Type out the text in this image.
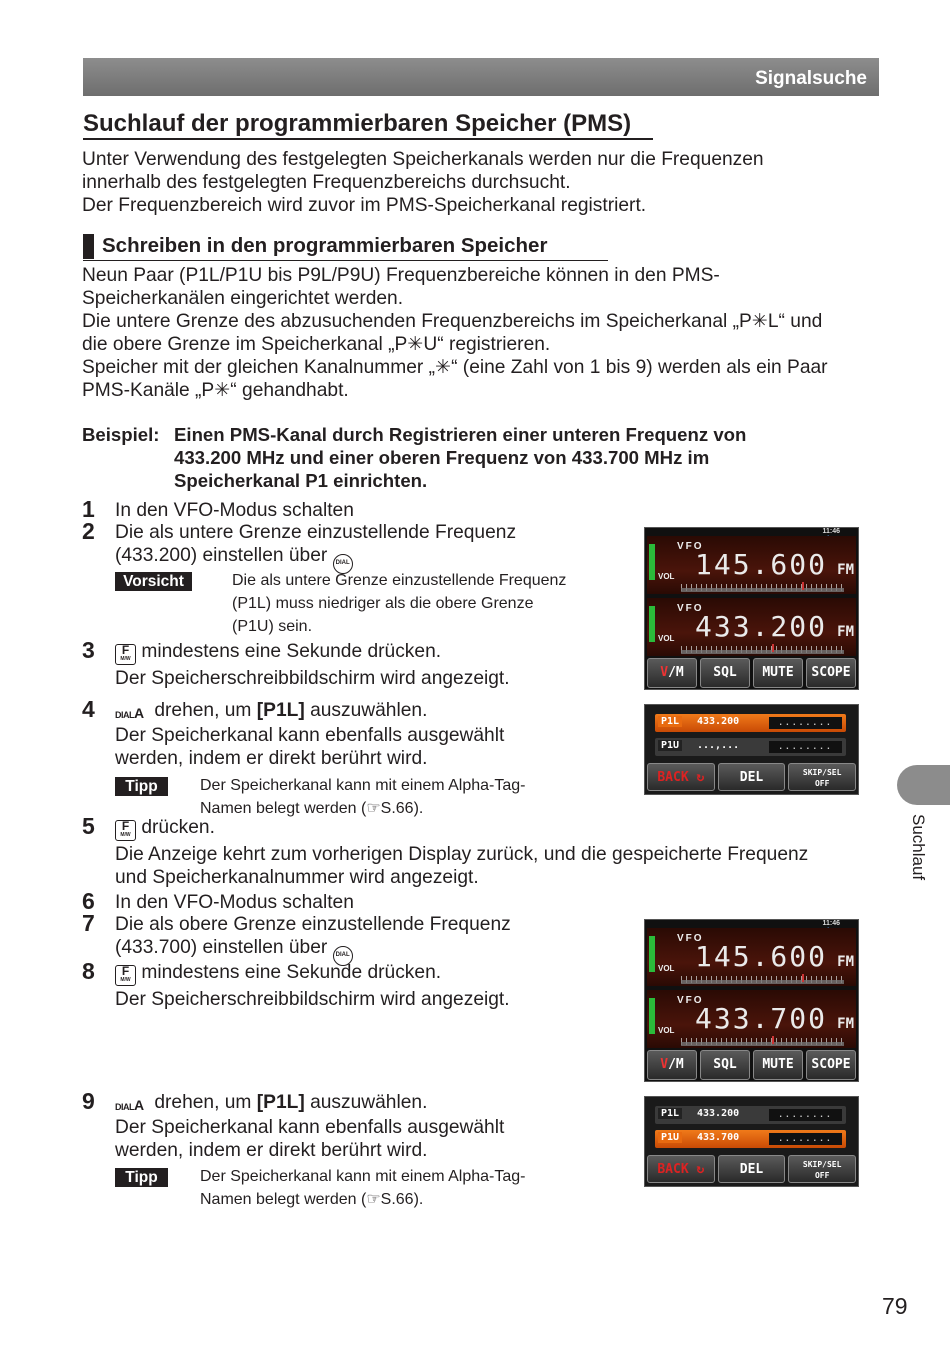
Signalsuche
Suchlauf der programmierbaren Speicher (PMS)
Unter Verwendung des festgelegten Speicherkanals werden nur die Frequenzen
innerhalb des festgelegten Frequenzbereichs durchsucht.
Der Frequenzbereich wird zuvor im PMS-Speicherkanal registriert.
Schreiben in den programmierbaren Speicher
Neun Paar (P1L/P1U bis P9L/P9U) Frequenzbereiche können in den PMS-
Speicherkanälen eingerichtet werden.
Die untere Grenze des abzusuchenden Frequenzbereichs im Speicherkanal „P✳L“ und
die obere Grenze im Speicherkanal „P✳U“ registrieren.
Speicher mit der gleichen Kanalnummer „✳“ (eine Zahl von 1 bis 9) werden als ein Paar
PMS-Kanäle „P✳“ gehandhabt.
Beispiel: Einen PMS-Kanal durch Registrieren einer unteren Frequenz von
433.200 MHz und einer oberen Frequenz von 433.700 MHz im
Speicherkanal P1 einrichten.
1 In den VFO-Modus schalten
2 Die als untere Grenze einzustellende Frequenz
(433.200) einstellen über DIAL
Vorsicht	Die als untere Grenze einzustellende Frequenz
(P1L) muss niedriger als die obere Grenze
(P1U) sein.
3	F
M/W mindestens eine Sekunde drücken.
Der Speicherschreibbildschirm wird angezeigt.
4 DIALA drehen, um [P1L] auszuwählen.
Der Speicherkanal kann ebenfalls ausgewählt
werden, indem er direkt berührt wird.
Tipp	Der Speicherkanal kann mit einem Alpha-Tag-
Namen belegt werden (☞S.66).
5	F
M/W drücken.
Die Anzeige kehrt zum vorherigen Display zurück, und die gespeicherte Frequenz
und Speicherkanalnummer wird angezeigt.
6 In den VFO-Modus schalten
7 Die als obere Grenze einzustellende Frequenz
(433.700) einstellen über DIAL
8	F
M/W mindestens eine Sekunde drücken.
Der Speicherschreibbildschirm wird angezeigt.
9 DIALA drehen, um [P1L] auszuwählen.
Der Speicherkanal kann ebenfalls ausgewählt
werden, indem er direkt berührt wird.
Tipp	Der Speicherkanal kann mit einem Alpha-Tag-
Namen belegt werden (☞S.66).
11:46
VFO
VOL 145.600 FM
VFO
VOL 433.200 FM
V/M	SQL	MUTE	SCOPE
P1L	433.200	........
P1U	...,...	........
BACK ↻	DEL	SKIP/SEL
OFF
11:46
VFO
VOL 145.600 FM
VFO
VOL 433.700 FM
V/M	SQL	MUTE	SCOPE
P1L	433.200	........
P1U	433.700	........
BACK ↻	DEL	SKIP/SEL
OFF
Suchlauf
79
